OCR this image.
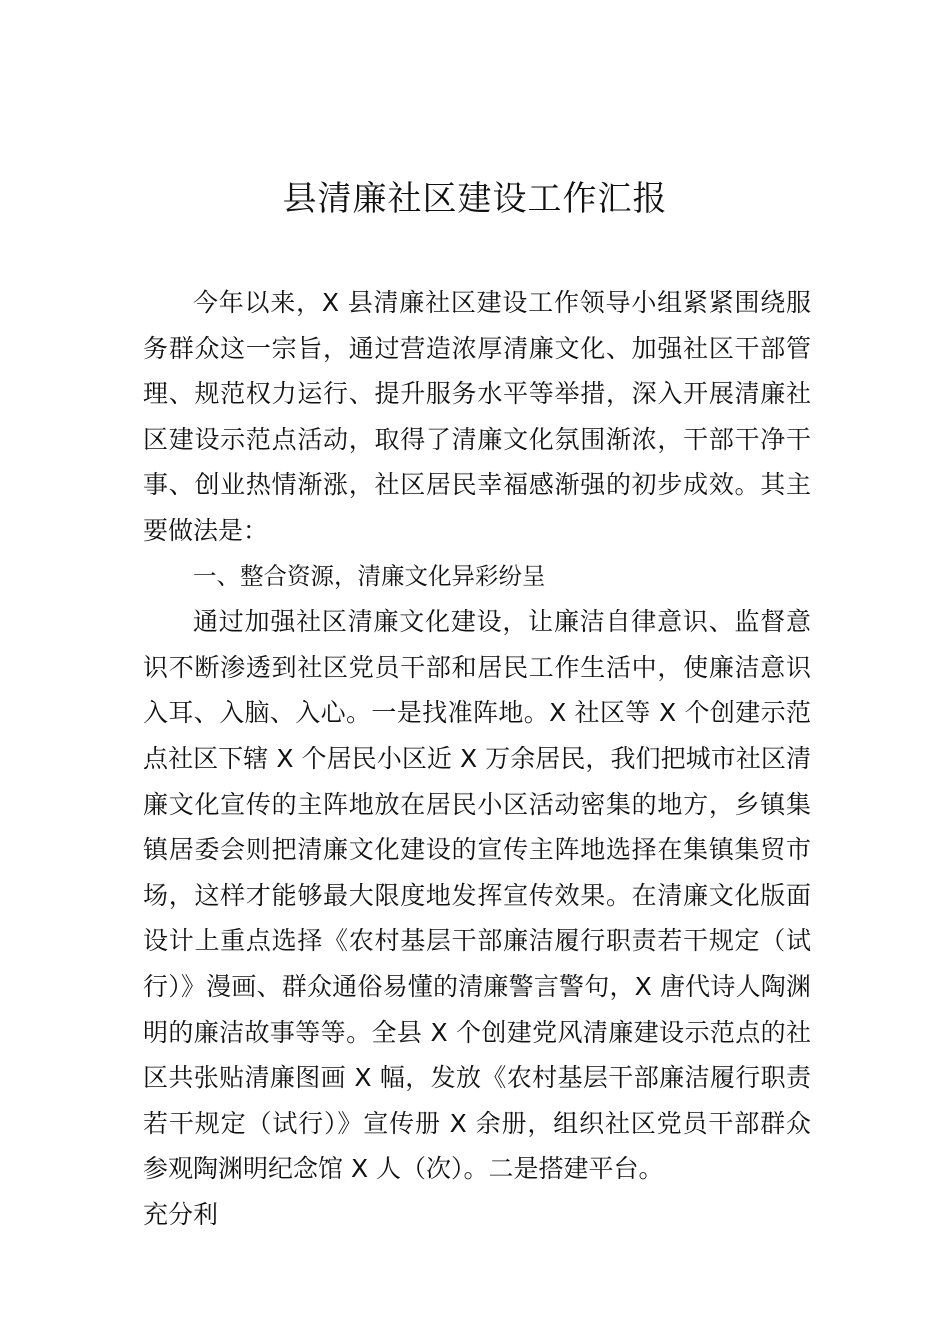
县清廉社区建设工作汇报

今年以来，X 县清廉社区建设工作领导小组紧紧围绕服务群众这一宗旨，通过营造浓厚清廉文化、加强社区干部管理、规范权力运行、提升服务水平等举措，深入开展清廉社区建设示范点活动，取得了清廉文化氛围渐浓，干部干净干事、创业热情渐涨，社区居民幸福感渐强的初步成效。其主要做法是：

一、整合资源，清廉文化异彩纷呈

通过加强社区清廉文化建设，让廉洁自律意识、监督意识不断渗透到社区党员干部和居民工作生活中，使廉洁意识入耳、入脑、入心。一是找准阵地。X 社区等 X 个创建示范点社区下辖 X 个居民小区近 X 万余居民，我们把城市社区清廉文化宣传的主阵地放在居民小区活动密集的地方，乡镇集镇居委会则把清廉文化建设的宣传主阵地选择在集镇集贸市场，这样才能够最大限度地发挥宣传效果。在清廉文化版面设计上重点选择《农村基层干部廉洁履行职责若干规定（试行）》漫画、群众通俗易懂的清廉警言警句，X 唐代诗人陶渊明的廉洁故事等等。全县 X 个创建党风清廉建设示范点的社区共张贴清廉图画 X 幅，发放《农村基层干部廉洁履行职责若干规定（试行）》宣传册 X 余册，组织社区党员干部群众参观陶渊明纪念馆 X 人（次）。二是搭建平台。

充分利
